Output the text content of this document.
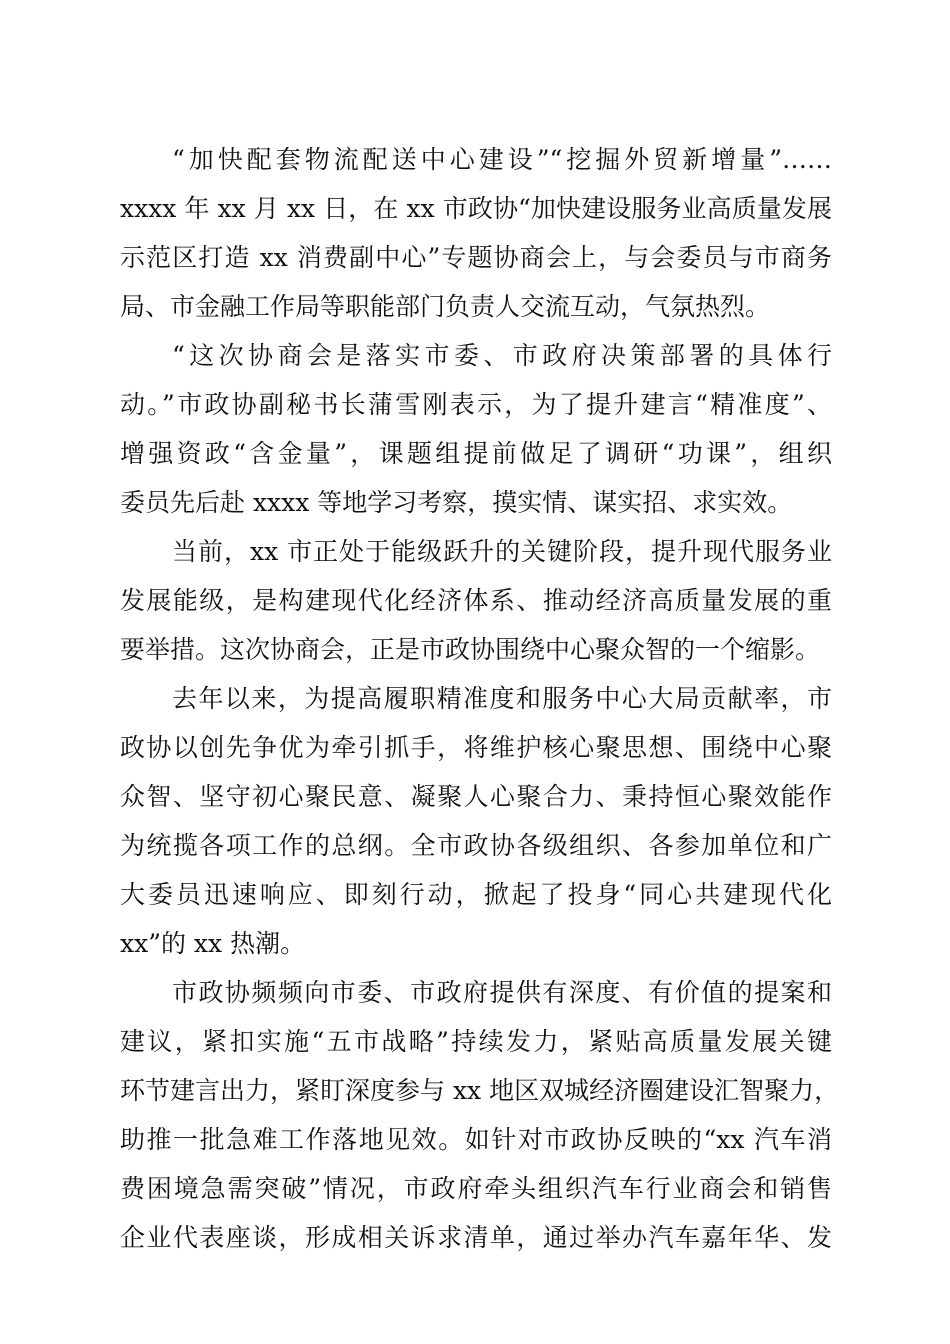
“加快配套物流配送中心建设”“挖掘外贸新增量”……
xxxx 年 xx 月 xx 日，在 xx 市政协“加快建设服务业高质量发展
示范区打造 xx 消费副中心”专题协商会上，与会委员与市商务
局、市金融工作局等职能部门负责人交流互动，气氛热烈。
“这次协商会是落实市委、市政府决策部署的具体行
动。”市政协副秘书长蒲雪刚表示，为了提升建言“精准度”、
增强资政“含金量”，课题组提前做足了调研“功课”，组织
委员先后赴 xxxx 等地学习考察，摸实情、谋实招、求实效。
当前，xx 市正处于能级跃升的关键阶段，提升现代服务业
发展能级，是构建现代化经济体系、推动经济高质量发展的重
要举措。这次协商会，正是市政协围绕中心聚众智的一个缩影。
去年以来，为提高履职精准度和服务中心大局贡献率，市
政协以创先争优为牵引抓手，将维护核心聚思想、围绕中心聚
众智、坚守初心聚民意、凝聚人心聚合力、秉持恒心聚效能作
为统揽各项工作的总纲。全市政协各级组织、各参加单位和广
大委员迅速响应、即刻行动，掀起了投身“同心共建现代化
xx”的 xx 热潮。
市政协频频向市委、市政府提供有深度、有价值的提案和
建议，紧扣实施“五市战略”持续发力，紧贴高质量发展关键
环节建言出力，紧盯深度参与 xx 地区双城经济圈建设汇智聚力，
助推一批急难工作落地见效。如针对市政协反映的“xx 汽车消
费困境急需突破”情况，市政府牵头组织汽车行业商会和销售
企业代表座谈，形成相关诉求清单，通过举办汽车嘉年华、发
